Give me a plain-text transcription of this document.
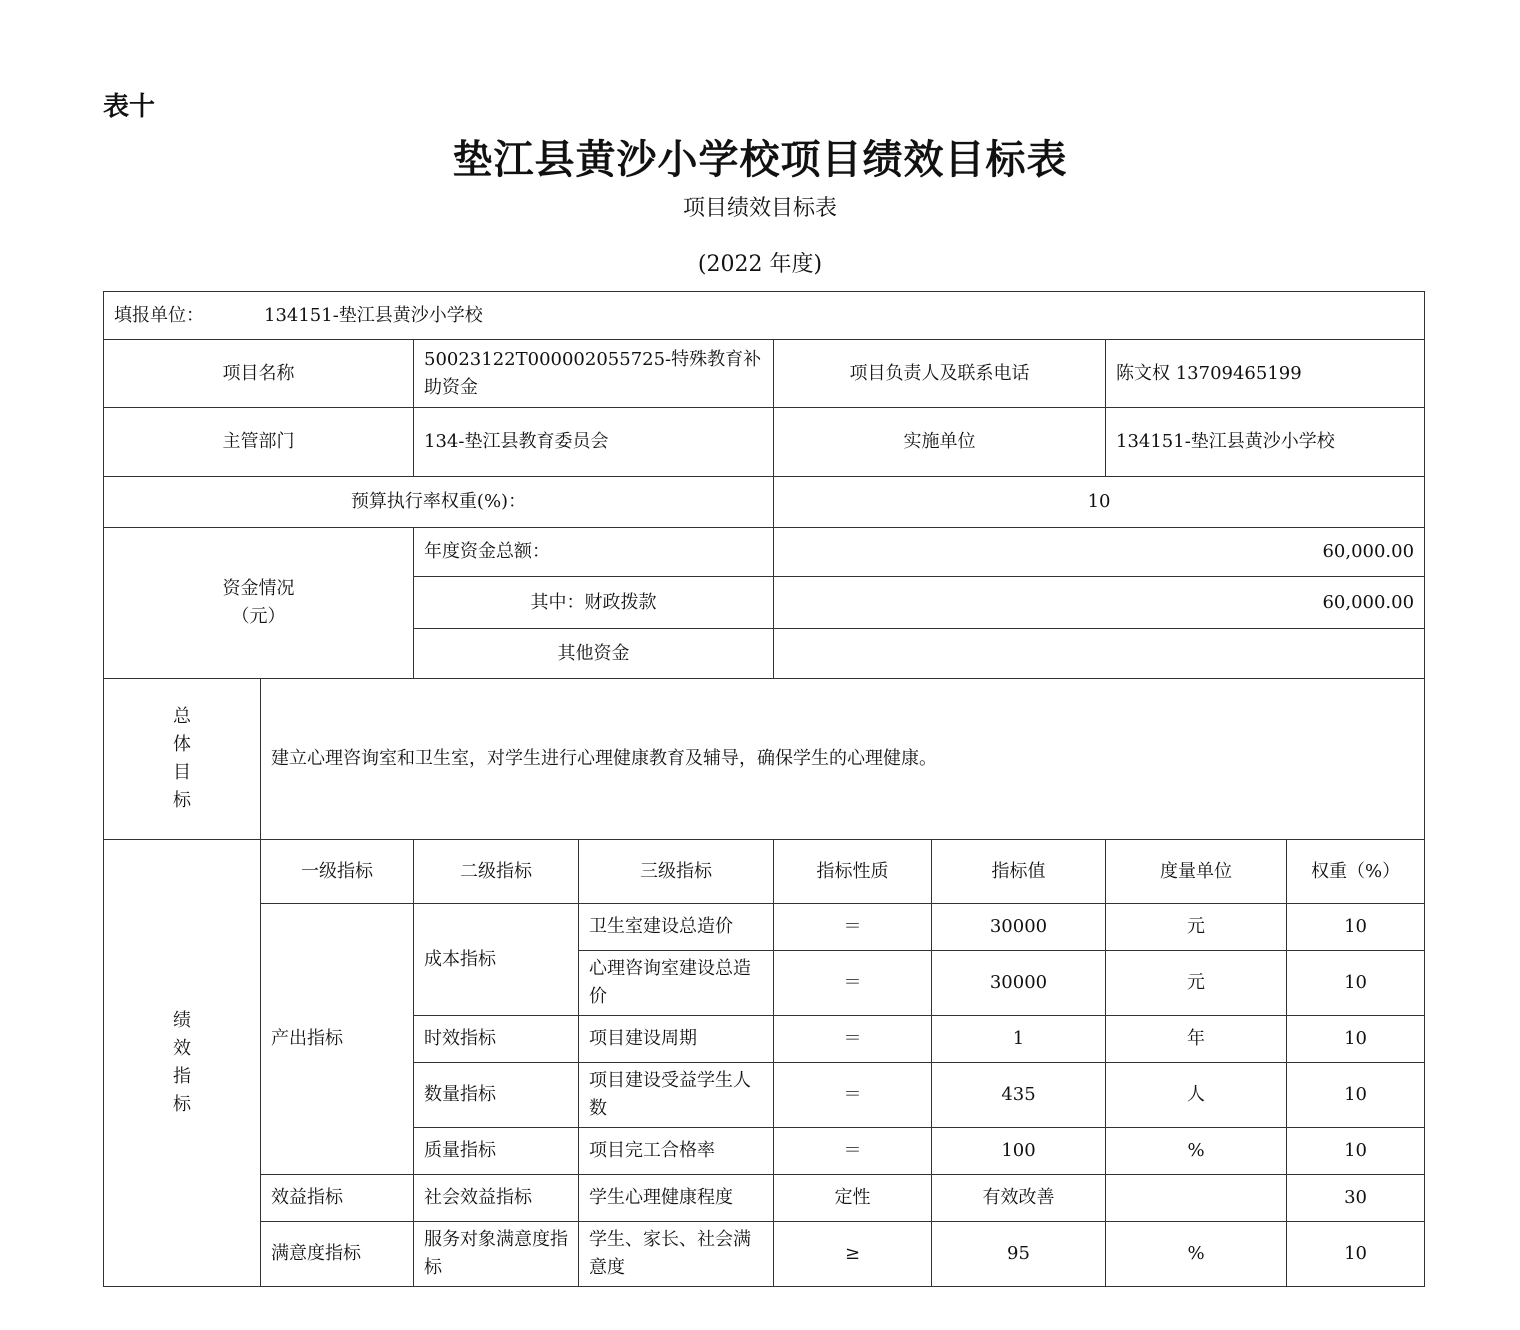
表十
垫江县黄沙小学校项目绩效目标表
项目绩效目标表
(2022 年度)
填报单位： 134151-垫江县黄沙小学校							
项目名称		50023122T000002055725-特殊教育补助资金		项目负责人及联系电话		陈文权 13709465199	
主管部门		134-垫江县教育委员会		实施单位		134151-垫江县黄沙小学校	
预算执行率权重(%)：				10			

资金情况
（元）		年度资金总额：		60,000.00			
		其中：财政拨款		60,000.00			
		其他资金					

总
体
目
标	建立心理咨询室和卫生室，对学生进行心理健康教育及辅导，确保学生的心理健康。						

绩
效
指
标	一级指标	二级指标	三级指标	指标性质	指标值	度量单位	权重（%）
	产出指标	成本指标	卫生室建设总造价	＝	30000	元	10
			心理咨询室建设总造价	＝	30000	元	10
		时效指标	项目建设周期	＝	1	年	10
		数量指标	项目建设受益学生人数	＝	435	人	10
		质量指标	项目完工合格率	＝	100	%	10
	效益指标	社会效益指标	学生心理健康程度	定性	有效改善		30
	满意度指标	服务对象满意度指标	学生、家长、社会满意度	≥	95	%	10
